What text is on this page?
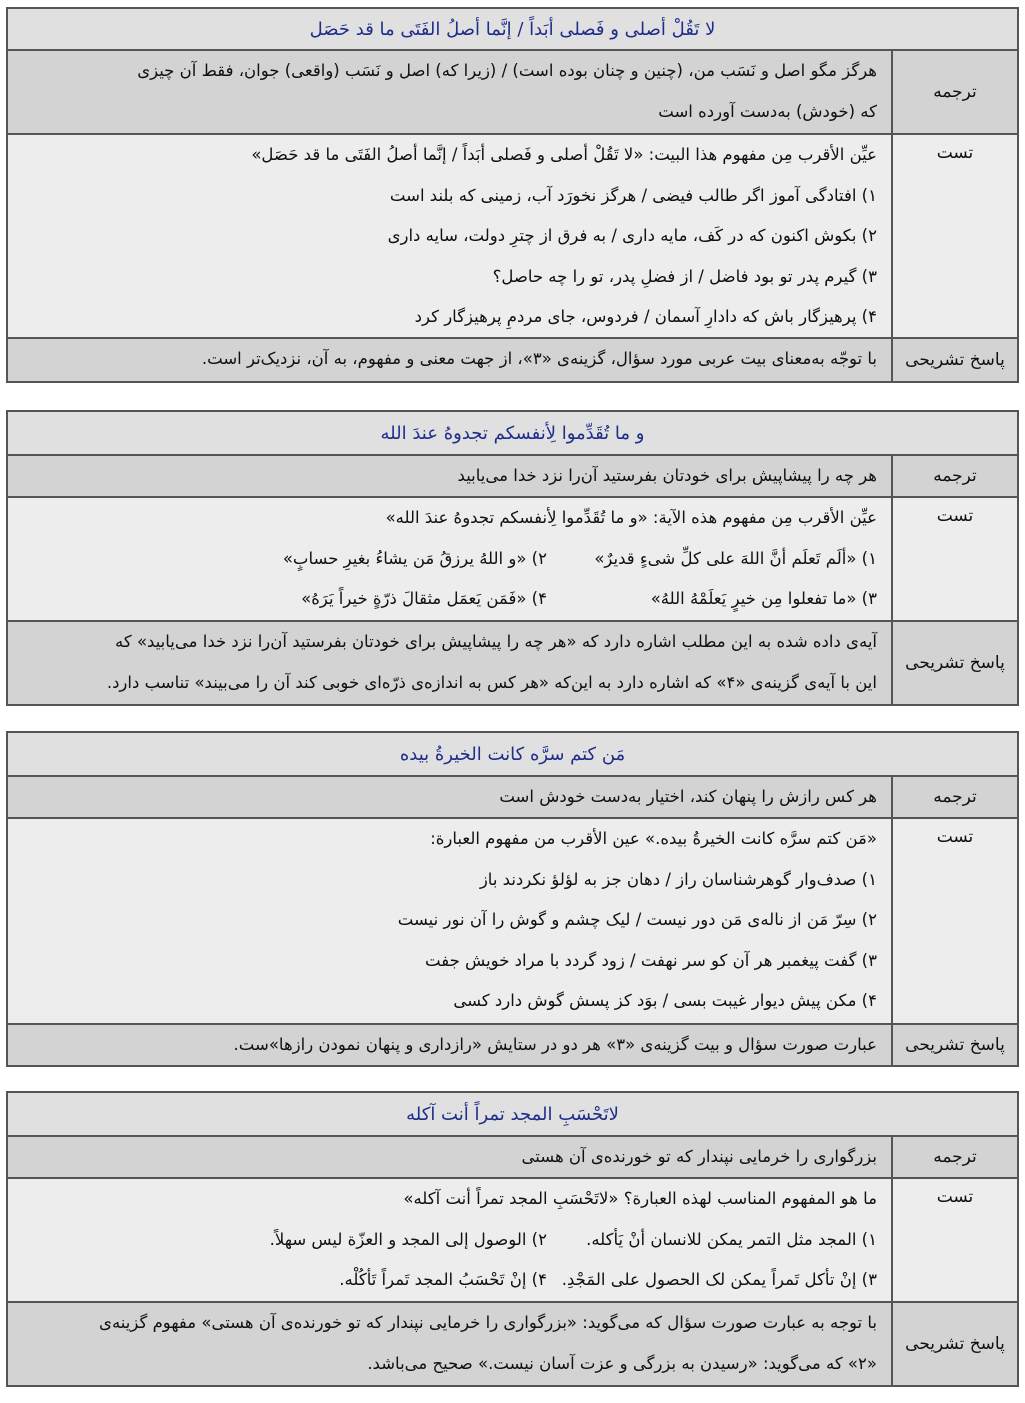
لا تَقُلْ أصلی و فَصلی أبَداً / إنَّما أصلُ الفَتَی ما قد حَصَل
ترجمه
هرگز مگو اصل و نَسَب من، (چنین و چنان بوده است) / (زیرا که) اصل و نَسَب (واقعی) جوان، فقط آن چیزی
که (خودش) به‌دست آورده است
تست
عیِّن الأقرب مِن مفهوم هذا البیت: «لا تَقُلْ أصلی و فَصلی أبَداً / إنَّما أصلُ الفَتَی ما قد حَصَل»
۱) افتادگی آموز اگر طالب فیضی / هرگز نخورَد آب، زمینی که بلند است
۲) بکوش اکنون که در کَف، مایه داری / به فرق از چترِ دولت، سایه داری
۳) گیرم پدر تو بود فاضل / از فضلِ پدر، تو را چه حاصل؟
۴) پرهیزگار باش که دادارِ آسمان / فردوس، جای مردمِ پرهیزگار کرد
پاسخ تشریحی
با توجّه به‌معنای بیت عربی مورد سؤال، گزینه‌ی «۳»، از جهت معنی و مفهوم، به آن، نزدیک‌تر است.
و ما تُقَدِّموا لِأنفسکم تجدوهُ عندَ الله
ترجمه
هر چه را پیشاپیش برای خودتان بفرستید آن‌را نزد خدا می‌یابید
تست
عیِّن الأقرب مِن مفهوم هذه الآیة: «و ما تُقَدِّموا لِأنفسکم تجدوهُ عندَ الله»
۱) «ألَم تَعلَم أنَّ اللهَ علی کلِّ شیءٍ قدیرٌ»
۲) «و اللهُ یرزقُ مَن یشاءُ بغیرِ حسابٍ»
۳) «ما تفعلوا مِن خیرٍ یَعلَمْهُ اللهُ»
۴) «فَمَن یَعمَل مثقالَ ذرّةٍ خیراً یَرَهُ»
پاسخ تشریحی
آیه‌ی داده شده به این مطلب اشاره دارد که «هر چه را پیشاپیش برای خودتان بفرستید آن‌را نزد خدا می‌یابید» که
این با آیه‌ی گزینه‌ی «۴» که اشاره دارد به این‌که «هر کس به اندازه‌ی ذرّه‌ای خوبی کند آن را می‌بیند» تناسب دارد.
مَن کتم سرَّه کانت الخیرةُ بیده
ترجمه
هر کس رازش را پنهان کند، اختیار به‌دست خودش است
تست
«مَن کتم سرَّه کانت الخیرةُ بیده.» عین الأقرب من مفهوم العبارة:
۱) صدف‌وار گوهرشناسان راز / دهان جز به لؤلؤ نکردند باز
۲) سِرّ مَن از ناله‌ی مَن دور نیست / لیک چشم و گوش را آن نور نیست
۳) گفت پیغمبر هر آن کو سر نهفت / زود گردد با مراد خویش جفت
۴) مکن پیش دیوار غیبت بسی / بوَد کز پسش گوش دارد کسی
پاسخ تشریحی
عبارت صورت سؤال و بیت گزینه‌ی «۳» هر دو در ستایش «رازداری و پنهان نمودن رازها»ست.
لاتَحْسَبِ المجد تمراً أنت آکله
ترجمه
بزرگواری را خرمایی نپندار که تو خورنده‌ی آن هستی
تست
ما هو المفهوم المناسب لهذه العبارة؟ «لاتَحْسَبِ المجد تمراً أنت آکله»
۱) المجد مثل التمر یمکن للانسان أنْ یَأکله.
۲) الوصول إلی المجد و العزّة لیس سهلاً.
۳) إنْ تأکل تَمراً یمکن لک الحصول علی المَجْدِ.
۴) إنْ تَحْسَبُ المجد تَمراً تَأکُلْه.
پاسخ تشریحی
با توجه به عبارت صورت سؤال که می‌گوید: «بزرگواری را خرمایی نپندار که تو خورنده‌ی آن هستی» مفهوم گزینه‌ی
«۲» که می‌گوید: «رسیدن به بزرگی و عزت آسان نیست.» صحیح می‌باشد.
